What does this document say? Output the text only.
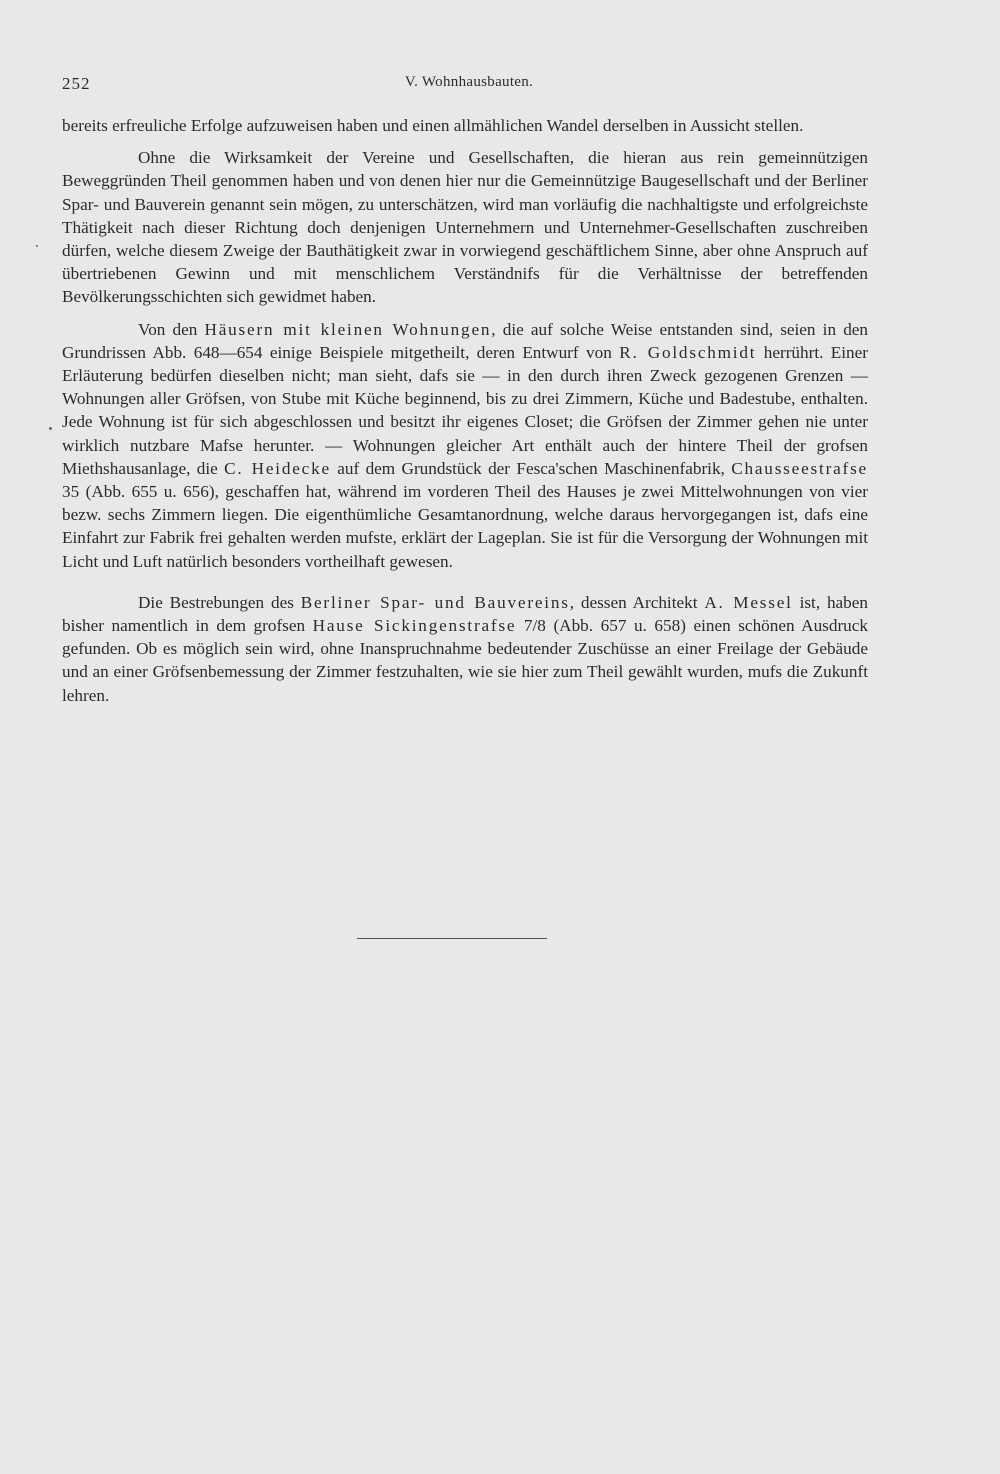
252	V. Wohnhausbauten.

bereits erfreuliche Erfolge aufzuweisen haben und einen allmählichen Wandel derselben in Aussicht stellen.

Ohne die Wirksamkeit der Vereine und Gesellschaften, die hieran aus rein gemeinnützigen Beweggründen Theil genommen haben und von denen hier nur die Gemeinnützige Baugesellschaft und der Berliner Spar- und Bauverein genannt sein mögen, zu unterschätzen, wird man vorläufig die nachhaltigste und erfolgreichste Thätigkeit nach dieser Richtung doch denjenigen Unternehmern und Unternehmer-Gesellschaften zuschreiben dürfen, welche diesem Zweige der Bauthätigkeit zwar in vorwiegend geschäftlichem Sinne, aber ohne Anspruch auf übertriebenen Gewinn und mit menschlichem Verständnifs für die Verhältnisse der betreffenden Bevölkerungsschichten sich gewidmet haben.

Von den Häusern mit kleinen Wohnungen, die auf solche Weise entstanden sind, seien in den Grundrissen Abb. 648—654 einige Beispiele mitgetheilt, deren Entwurf von R. Goldschmidt herrührt. Einer Erläuterung bedürfen dieselben nicht; man sieht, dafs sie — in den durch ihren Zweck gezogenen Grenzen — Wohnungen aller Gröfsen, von Stube mit Küche beginnend, bis zu drei Zimmern, Küche und Badestube, enthalten. Jede Wohnung ist für sich abgeschlossen und besitzt ihr eigenes Closet; die Gröfsen der Zimmer gehen nie unter wirklich nutzbare Mafse herunter. — Wohnungen gleicher Art enthält auch der hintere Theil der grofsen Miethshausanlage, die C. Heidecke auf dem Grundstück der Fesca'schen Maschinenfabrik, Chausseestrafse 35 (Abb. 655 u. 656), geschaffen hat, während im vorderen Theil des Hauses je zwei Mittelwohnungen von vier bezw. sechs Zimmern liegen. Die eigenthümliche Gesamtanordnung, welche daraus hervorgegangen ist, dafs eine Einfahrt zur Fabrik frei gehalten werden mufste, erklärt der Lageplan. Sie ist für die Versorgung der Wohnungen mit Licht und Luft natürlich besonders vortheilhaft gewesen.

Die Bestrebungen des Berliner Spar- und Bauvereins, dessen Architekt A. Messel ist, haben bisher namentlich in dem grofsen Hause Sickingenstrafse 7/8 (Abb. 657 u. 658) einen schönen Ausdruck gefunden. Ob es möglich sein wird, ohne Inanspruchnahme bedeutender Zuschüsse an einer Freilage der Gebäude und an einer Gröfsenbemessung der Zimmer festzuhalten, wie sie hier zum Theil gewählt wurden, mufs die Zukunft lehren.
